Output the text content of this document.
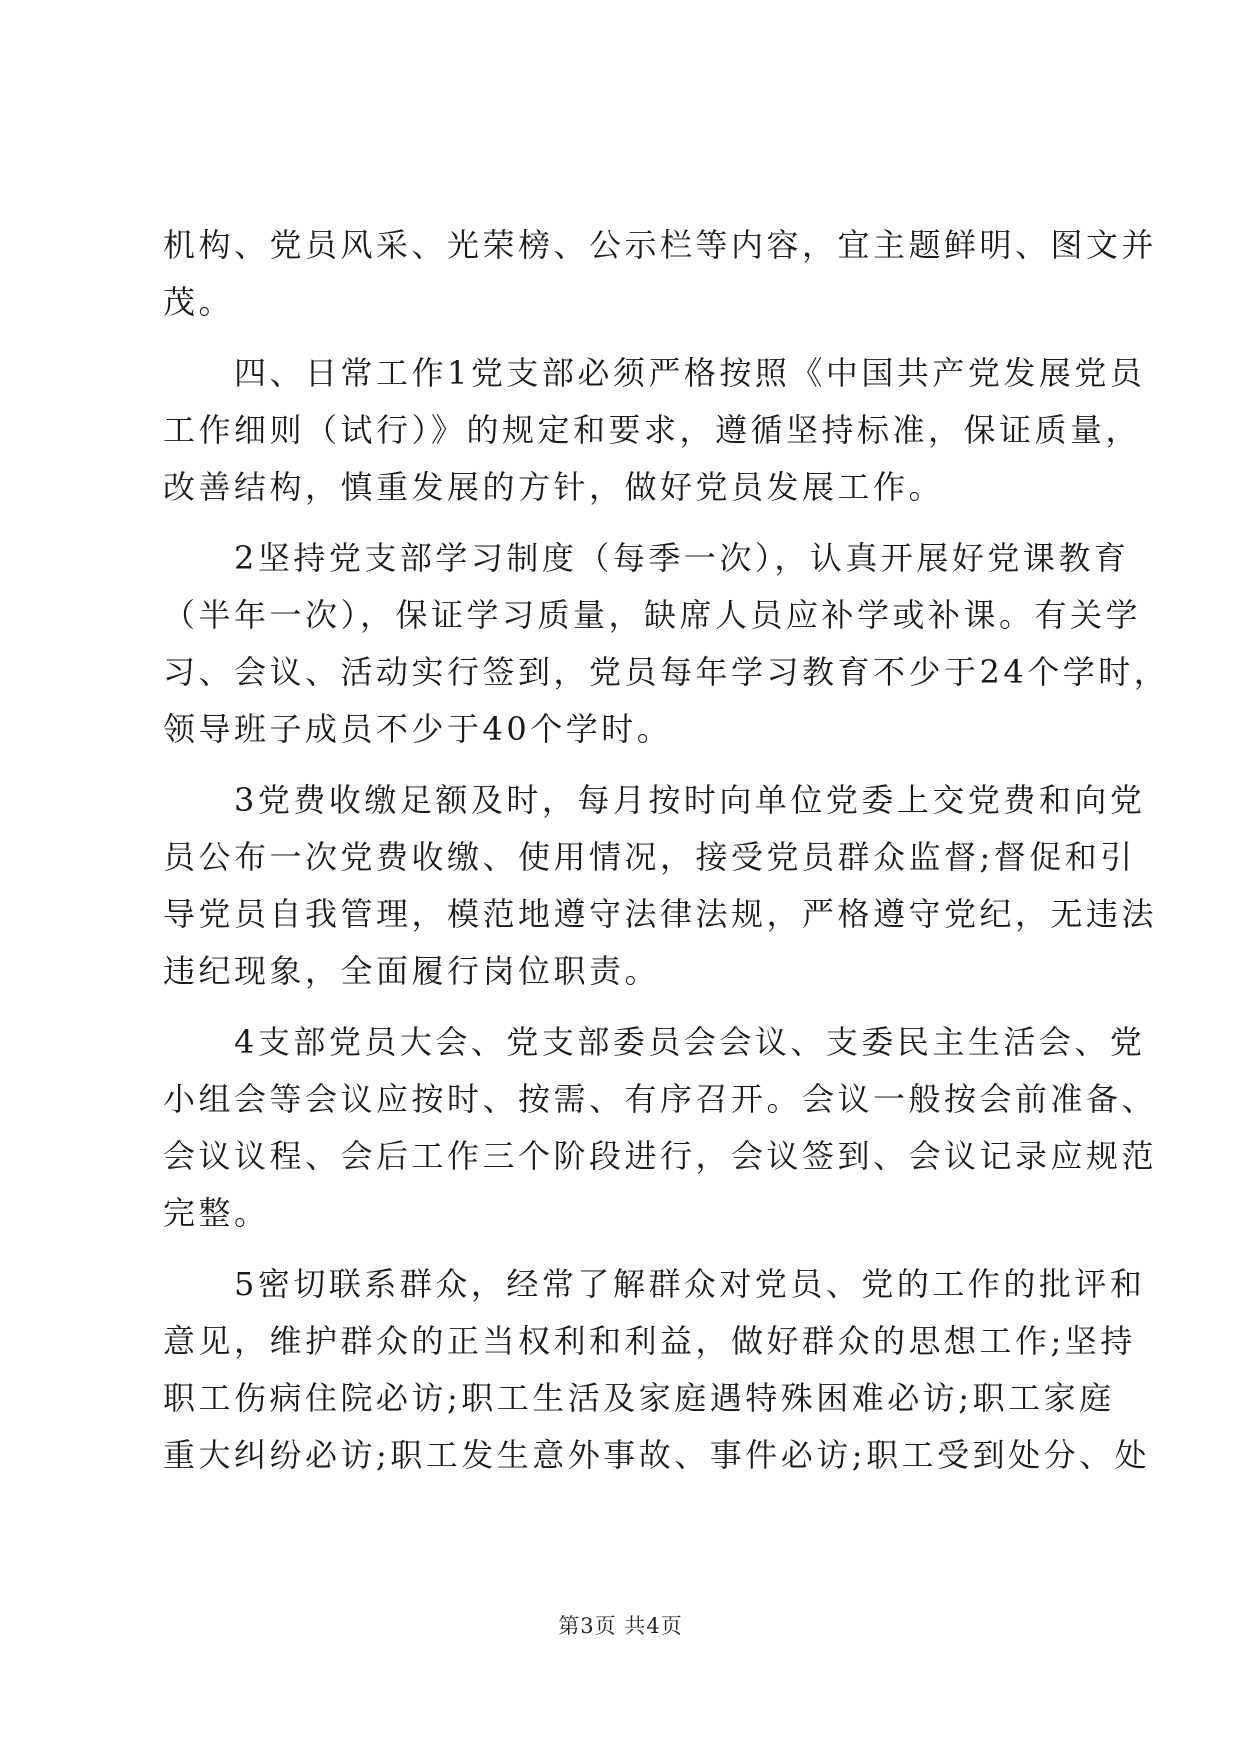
机构、党员风采、光荣榜、公示栏等内容，宜主题鲜明、图文并
茂。
　　四、日常工作1党支部必须严格按照《中国共产党发展党员
工作细则（试行）》的规定和要求，遵循坚持标准，保证质量，
改善结构，慎重发展的方针，做好党员发展工作。
　　2坚持党支部学习制度（每季一次），认真开展好党课教育
（半年一次），保证学习质量，缺席人员应补学或补课。有关学
习、会议、活动实行签到，党员每年学习教育不少于24个学时，
领导班子成员不少于40个学时。
　　3党费收缴足额及时，每月按时向单位党委上交党费和向党
员公布一次党费收缴、使用情况，接受党员群众监督;督促和引
导党员自我管理，模范地遵守法律法规，严格遵守党纪，无违法
违纪现象，全面履行岗位职责。
　　4支部党员大会、党支部委员会会议、支委民主生活会、党
小组会等会议应按时、按需、有序召开。会议一般按会前准备、
会议议程、会后工作三个阶段进行，会议签到、会议记录应规范
完整。
　　5密切联系群众，经常了解群众对党员、党的工作的批评和
意见，维护群众的正当权利和利益，做好群众的思想工作;坚持
职工伤病住院必访;职工生活及家庭遇特殊困难必访;职工家庭
重大纠纷必访;职工发生意外事故、事件必访;职工受到处分、处
第3页 共4页
